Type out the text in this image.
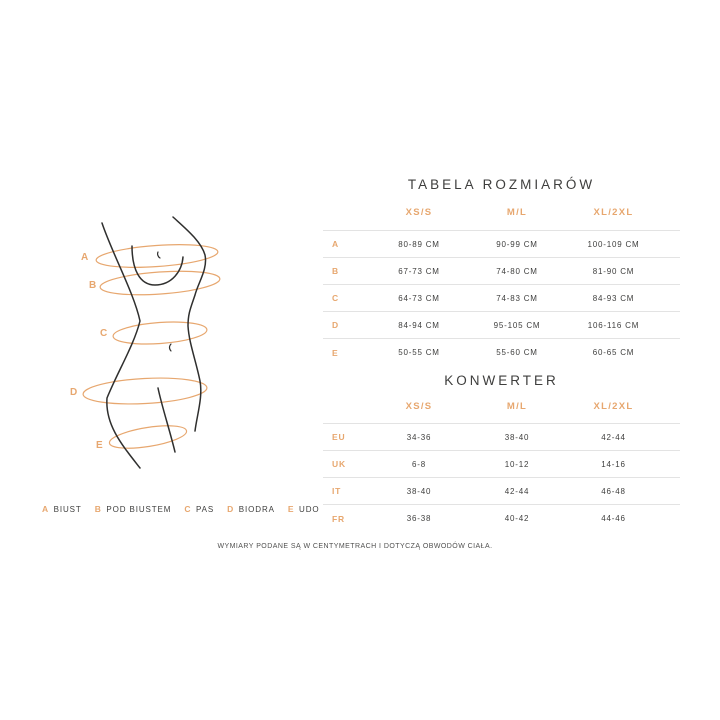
A
B
C
D
E
TABELA ROZMIARÓW
XS/S	M/L	XL/2XL
A	80-89 CM	90-99 CM	100-109 CM
B	67-73 CM	74-80 CM	81-90 CM
C	64-73 CM	74-83 CM	84-93 CM
D	84-94 CM	95-105 CM	106-116 CM
E	50-55 CM	55-60 CM	60-65 CM
KONWERTER
XS/S	M/L	XL/2XL
EU	34-36	38-40	42-44
UK	6-8	10-12	14-16
IT	38-40	42-44	46-48
FR	36-38	40-42	44-46
A BIUST B POD BIUSTEM C PAS D BIODRA E UDO
WYMIARY PODANE SĄ W CENTYMETRACH I DOTYCZĄ OBWODÓW CIAŁA.
